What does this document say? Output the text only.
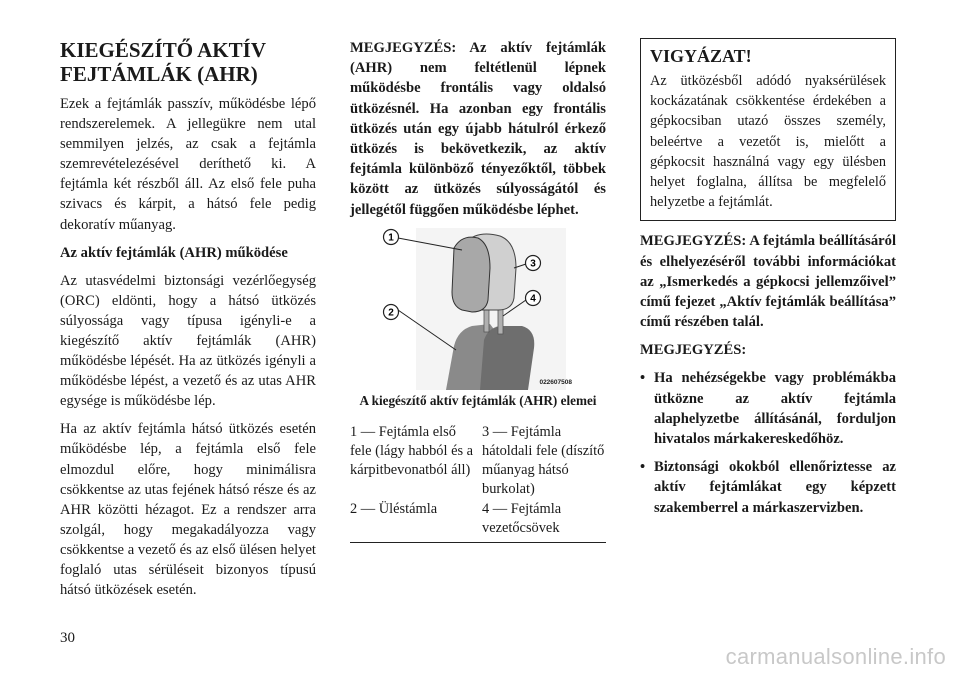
KIEGÉSZÍTŐ AKTÍV
FEJTÁMLÁK (AHR)

Ezek a fejtámlák passzív, működésbe lépő rendszerelemek. A jellegükre nem utal semmilyen jelzés, az csak a fejtámla szemrevételezésével deríthető ki. A fejtámla két részből áll. Az első fele puha szivacs és kárpit, a hátsó fele pedig dekoratív műanyag.

Az aktív fejtámlák (AHR) működése

Az utasvédelmi biztonsági vezérlőegység (ORC) eldönti, hogy a hátsó ütközés súlyossága vagy típusa igényli-e a kiegészítő aktív fejtámlák (AHR) működésbe lépését. Ha az ütközés igényli a működésbe lépést, a vezető és az utas AHR egysége is működésbe lép.

Ha az aktív fejtámla hátsó ütközés esetén működésbe lép, a fejtámla első fele elmozdul előre, hogy minimálisra csökkentse az utas fejének hátsó része és az AHR közötti hézagot. Ez a rendszer arra szolgál, hogy megakadályozza vagy csökkentse a vezető és az első ülésen helyet foglaló utas sérüléseit bizonyos típusú hátsó ütközések esetén.

MEGJEGYZÉS: Az aktív fejtámlák (AHR) nem feltétlenül lépnek működésbe frontális vagy oldalsó ütközésnél. Ha azonban egy frontális ütközés után egy újabb hátulról érkező ütközés is bekövetkezik, az aktív fejtámla különböző tényezőktől, többek között az ütközés súlyosságától és jellegétől függően működésbe léphet.

1
2
3
4
022607508
A kiegészítő aktív fejtámlák (AHR) elemei
1 — Fejtámla első fele (lágy habból és a kárpitbevonatból áll)
3 — Fejtámla hátoldali fele (díszítő műanyag hátsó burkolat)
2 — Üléstámla	4 — Fejtámla vezetőcsövek
VIGYÁZAT!
Az ütközésből adódó nyaksérülések kockázatának csökkentése érdekében a gépkocsiban utazó összes személy, beleértve a vezetőt is, mielőtt a gépkocsit használná vagy egy ülésben helyet foglalna, állítsa be megfelelő helyzetbe a fejtámlát.

MEGJEGYZÉS: A fejtámla beállításáról és elhelyezéséről további információkat az „Ismerkedés a gépkocsi jellemzőivel” című fejezet „Aktív fejtámlák beállítása” című részében talál.

MEGJEGYZÉS:

• Ha nehézségekbe vagy problémákba ütközne az aktív fejtámla alaphelyzetbe állításánál, forduljon hivatalos márkakereskedőhöz.
• Biztonsági okokból ellenőriztesse az aktív fejtámlákat egy képzett szakemberrel a márkaszervizben.
30
carmanualsonline.info
